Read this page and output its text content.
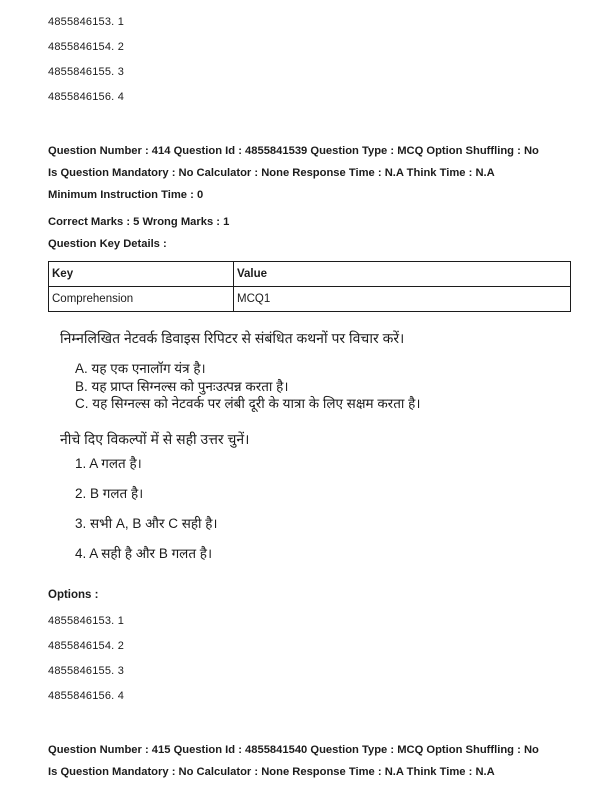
4855846153. 1
4855846154. 2
4855846155. 3
4855846156. 4
Question Number : 414 Question Id : 4855841539 Question Type : MCQ Option Shuffling : No
Is Question Mandatory : No Calculator : None Response Time : N.A Think Time : N.A
Minimum Instruction Time : 0
Correct Marks : 5 Wrong Marks : 1
Question Key Details :
Key	Value
Comprehension	MCQ1
निम्नलिखित नेटवर्क डिवाइस रिपिटर से संबंधित कथनों पर विचार करें।
A. यह एक एनालॉग यंत्र है।
B. यह प्राप्त सिग्नल्स को पुनःउत्पन्न करता है।
C. यह सिग्नल्स को नेटवर्क पर लंबी दूरी के यात्रा के लिए सक्षम करता है।
नीचे दिए विकल्पों में से सही उत्तर चुनें।
1. A गलत है।
2. B गलत है।
3. सभी A, B और C सही है।
4. A सही है और B गलत है।
Options :
4855846153. 1
4855846154. 2
4855846155. 3
4855846156. 4
Question Number : 415 Question Id : 4855841540 Question Type : MCQ Option Shuffling : No
Is Question Mandatory : No Calculator : None Response Time : N.A Think Time : N.A
